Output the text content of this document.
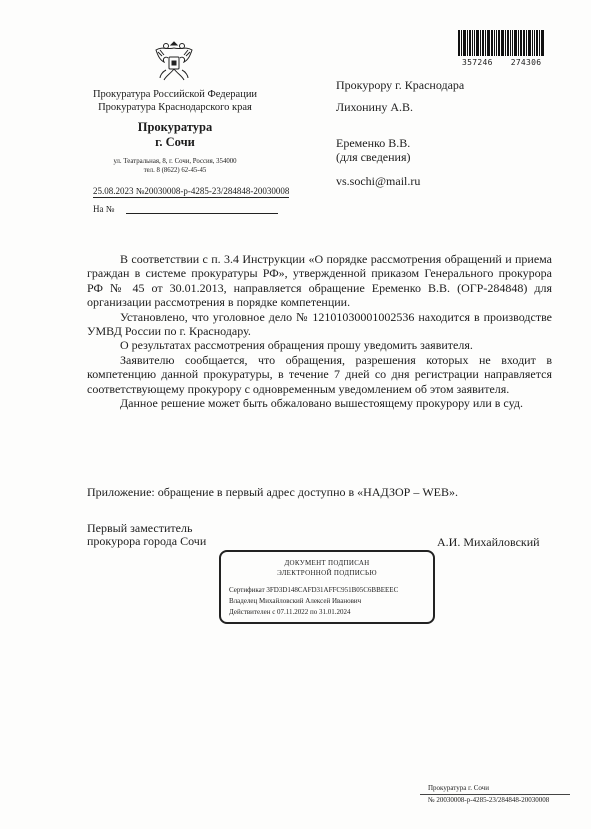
357246 274306
Прокуратура Российской Федерации
Прокуратура Краснодарского края
Прокуратура
г. Сочи
ул. Театральная, 8, г. Сочи, Россия, 354000
тел. 8 (8622) 62-45-45
25.08.2023 №20030008-р-4285-23/284848-20030008
На №
Прокурору г. Краснодара
Лихонину А.В.
Еременко В.В.
(для сведения)
vs.sochi@mail.ru

В соответствии с п. 3.4 Инструкции «О порядке рассмотрения обращений и приема граждан в системе прокуратуры РФ», утвержденной приказом Генерального прокурора РФ № 45 от 30.01.2013, направляется обращение Еременко В.В. (ОГР-284848) для организации рассмотрения в порядке компетенции.

Установлено, что уголовное дело № 12101030001002536 находится в производстве УМВД России по г. Краснодару.

О результатах рассмотрения обращения прошу уведомить заявителя.

Заявителю сообщается, что обращения, разрешения которых не входит в компетенцию данной прокуратуры, в течение 7 дней со дня регистрации направляется соответствующему прокурору с одновременным уведомлением об этом заявителя.

Данное решение может быть обжаловано вышестоящему прокурору или в суд.

Приложение: обращение в первый адрес доступно в «НАДЗОР – WEB».
Первый заместитель
прокурора города Сочи	А.И. Михайловский
ДОКУМЕНТ ПОДПИСАН
ЭЛЕКТРОННОЙ ПОДПИСЬЮ
Сертификат 3FD3D148CAFD31AFFC951B05C6BBEEEC
Владелец Михайловский Алексей Иванович
Действителен с 07.11.2022 по 31.01.2024
Прокуратура г. Сочи
№ 20030008-р-4285-23/284848-20030008
